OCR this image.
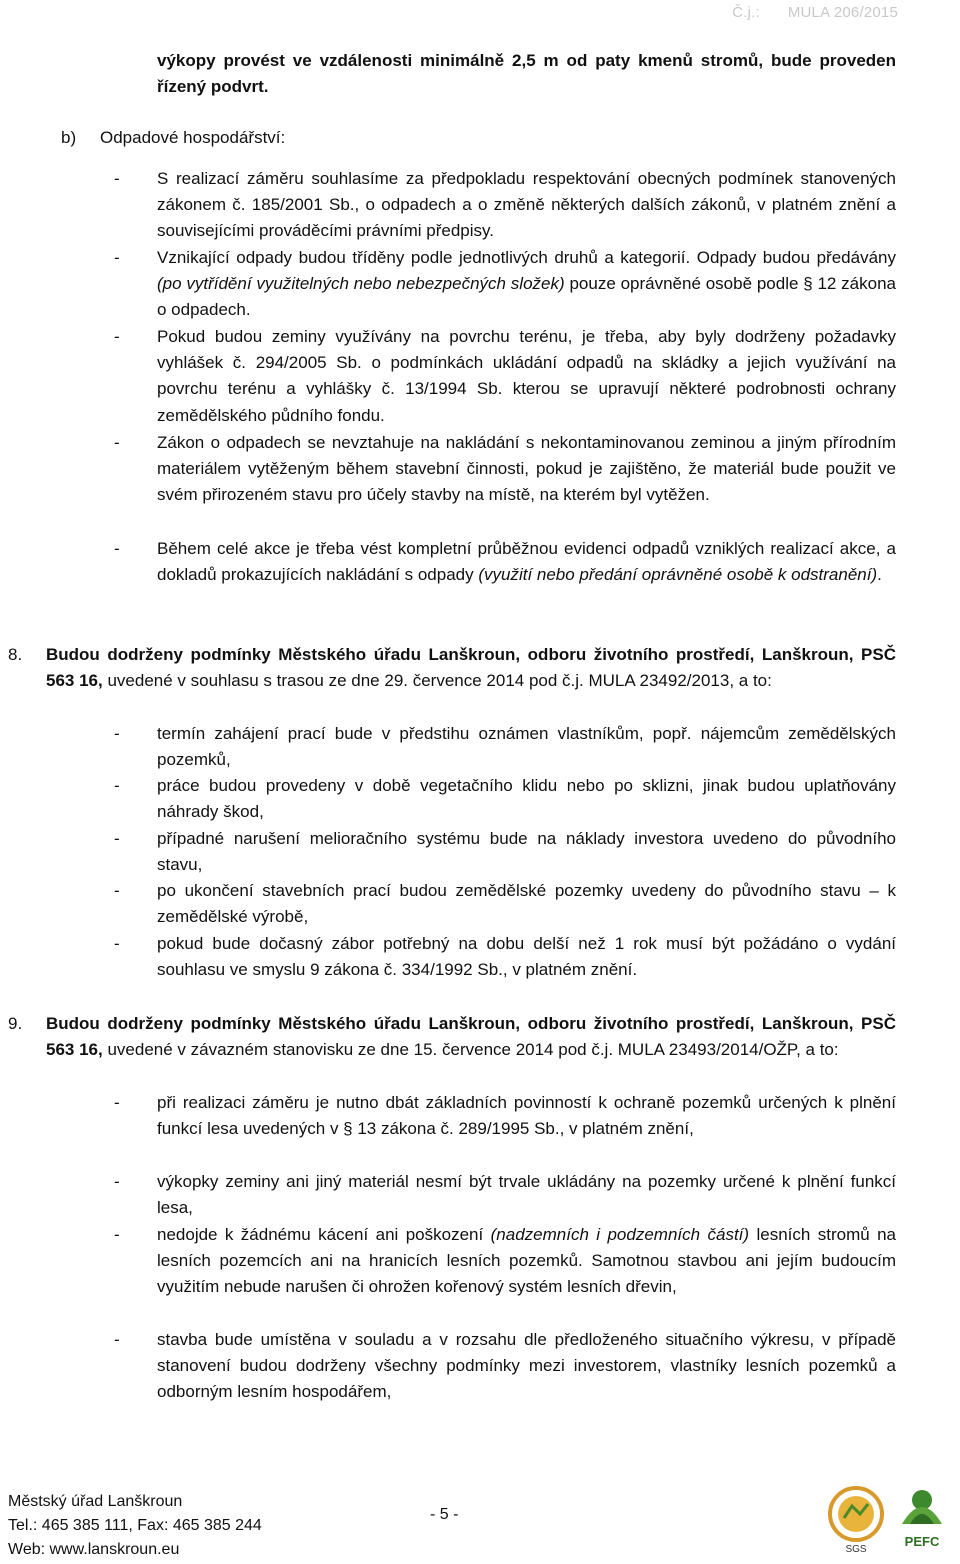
Č.j.: MULA 206/2015
výkopy provést ve vzdálenosti minimálně 2,5 m od paty kmenů stromů, bude proveden řízený podvrt.
b) Odpadové hospodářství:
-	S realizací záměru souhlasíme za předpokladu respektování obecných podmínek stanovených zákonem č. 185/2001 Sb., o odpadech a o změně některých dalších zákonů, v platném znění a souvisejícími prováděcími právními předpisy.
-	Vznikající odpady budou tříděny podle jednotlivých druhů a kategorií. Odpady budou předávány (po vytřídění využitelných nebo nebezpečných složek) pouze oprávněné osobě podle § 12 zákona o odpadech.
-	Pokud budou zeminy využívány na povrchu terénu, je třeba, aby byly dodrženy požadavky vyhlášek č. 294/2005 Sb. o podmínkách ukládání odpadů na skládky a jejich využívání na povrchu terénu a vyhlášky č. 13/1994 Sb. kterou se upravují některé podrobnosti ochrany zemědělského půdního fondu.
-	Zákon o odpadech se nevztahuje na nakládání s nekontaminovanou zeminou a jiným přírodním materiálem vytěženým během stavební činnosti, pokud je zajištěno, že materiál bude použit ve svém přirozeném stavu pro účely stavby na místě, na kterém byl vytěžen.
-	Během celé akce je třeba vést kompletní průběžnou evidenci odpadů vzniklých realizací akce, a dokladů prokazujících nakládání s odpady (využití nebo předání oprávněné osobě k odstranění).
8.	Budou dodrženy podmínky Městského úřadu Lanškroun, odboru životního prostředí, Lanškroun, PSČ 563 16, uvedené v souhlasu s trasou ze dne 29. července 2014 pod č.j. MULA 23492/2013, a to:
-	termín zahájení prací bude v předstihu oznámen vlastníkům, popř. nájemcům zemědělských pozemků,
-	práce budou provedeny v době vegetačního klidu nebo po sklizni, jinak budou uplatňovány náhrady škod,
-	případné narušení melioračního systému bude na náklady investora uvedeno do původního stavu,
-	po ukončení stavebních prací budou zemědělské pozemky uvedeny do původního stavu – k zemědělské výrobě,
-	pokud bude dočasný zábor potřebný na dobu delší než 1 rok musí být požádáno o vydání souhlasu ve smyslu 9 zákona č. 334/1992 Sb., v platném znění.
9.	Budou dodrženy podmínky Městského úřadu Lanškroun, odboru životního prostředí, Lanškroun, PSČ 563 16, uvedené v závazném stanovisku ze dne 15. července 2014 pod č.j. MULA 23493/2014/OŽP, a to:
-	při realizaci záměru je nutno dbát základních povinností k ochraně pozemků určených k plnění funkcí lesa uvedených v § 13 zákona č. 289/1995 Sb., v platném znění,
-	výkopky zeminy ani jiný materiál nesmí být trvale ukládány na pozemky určené k plnění funkcí lesa,
-	nedojde k žádnému kácení ani poškození (nadzemních i podzemních částí) lesních stromů na lesních pozemcích ani na hranicích lesních pozemků. Samotnou stavbou ani jejím budoucím využitím nebude narušen či ohrožen kořenový systém lesních dřevin,
-	stavba bude umístěna v souladu a v rozsahu dle předloženého situačního výkresu, v případě stanovení budou dodrženy všechny podmínky mezi investorem, vlastníky lesních pozemků a odborným lesním hospodářem,
Městský úřad Lanškroun
Tel.: 465 385 111, Fax: 465 385 244
Web: www.lanskroun.eu
- 5 -
SGS
PEFC
